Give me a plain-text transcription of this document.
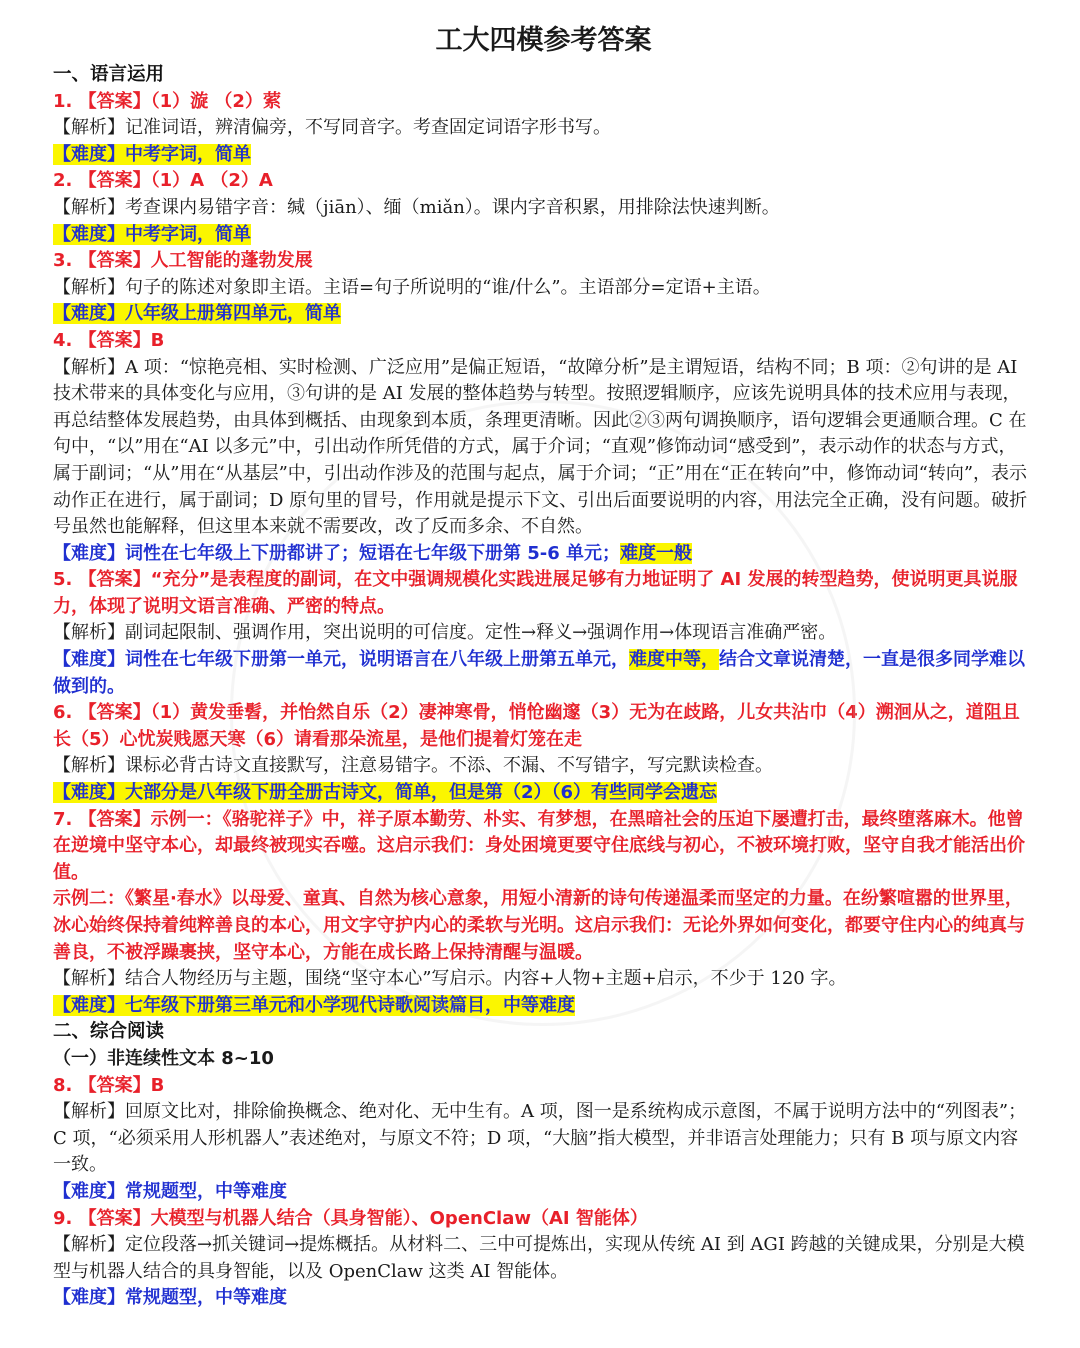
工大四模参考答案
一、语言运用
1. 【答案】（1）漩 （2）萦
【解析】记准词语，辨清偏旁，不写同音字。考查固定词语字形书写。
【难度】中考字词，简单
2. 【答案】（1）A （2）A
【解析】考查课内易错字音：缄（jiān）、缅（miǎn）。课内字音积累，用排除法快速判断。
【难度】中考字词，简单
3. 【答案】人工智能的蓬勃发展
【解析】句子的陈述对象即主语。主语=句子所说明的“谁/什么”。主语部分=定语+主语。
【难度】八年级上册第四单元，简单
4. 【答案】B
【解析】A 项：“惊艳亮相、实时检测、广泛应用”是偏正短语，“故障分析”是主谓短语，结构不同；B 项：②句讲的是 AI 技术带来的具体变化与应用，③句讲的是 AI 发展的整体趋势与转型。按照逻辑顺序，应该先说明具体的技术应用与表现，再总结整体发展趋势，由具体到概括、由现象到本质，条理更清晰。因此②③两句调换顺序，语句逻辑会更通顺合理。C 在句中，“以”用在“AI 以多元”中，引出动作所凭借的方式，属于介词；“直观”修饰动词“感受到”，表示动作的状态与方式，属于副词；“从”用在“从基层”中，引出动作涉及的范围与起点，属于介词；“正”用在“正在转向”中，修饰动词“转向”，表示动作正在进行，属于副词；D 原句里的冒号，作用就是提示下文、引出后面要说明的内容，用法完全正确，没有问题。破折号虽然也能解释，但这里本来就不需要改，改了反而多余、不自然。
【难度】词性在七年级上下册都讲了；短语在七年级下册第 5-6 单元；难度一般
5. 【答案】“充分”是表程度的副词，在文中强调规模化实践进展足够有力地证明了 AI 发展的转型趋势，使说明更具说服力，体现了说明文语言准确、严密的特点。
【解析】副词起限制、强调作用，突出说明的可信度。定性→释义→强调作用→体现语言准确严密。
【难度】词性在七年级下册第一单元，说明语言在八年级上册第五单元，难度中等，结合文章说清楚，一直是很多同学难以做到的。
6. 【答案】（1）黄发垂髫，并怡然自乐（2）凄神寒骨，悄怆幽邃（3）无为在歧路，儿女共沾巾（4）溯洄从之，道阻且长（5）心忧炭贱愿天寒（6）请看那朵流星，是他们提着灯笼在走
【解析】课标必背古诗文直接默写，注意易错字。不添、不漏、不写错字，写完默读检查。
【难度】大部分是八年级下册全册古诗文，简单，但是第（2）（6）有些同学会遗忘
7. 【答案】示例一：《骆驼祥子》中，祥子原本勤劳、朴实、有梦想，在黑暗社会的压迫下屡遭打击，最终堕落麻木。他曾在逆境中坚守本心，却最终被现实吞噬。这启示我们：身处困境更要守住底线与初心，不被环境打败，坚守自我才能活出价值。
示例二：《繁星·春水》以母爱、童真、自然为核心意象，用短小清新的诗句传递温柔而坚定的力量。在纷繁喧嚣的世界里，冰心始终保持着纯粹善良的本心，用文字守护内心的柔软与光明。这启示我们：无论外界如何变化，都要守住内心的纯真与善良，不被浮躁裹挟，坚守本心，方能在成长路上保持清醒与温暖。
【解析】结合人物经历与主题，围绕“坚守本心”写启示。内容+人物+主题+启示，不少于 120 字。
【难度】七年级下册第三单元和小学现代诗歌阅读篇目，中等难度
二、综合阅读
（一）非连续性文本 8~10
8. 【答案】B
【解析】回原文比对，排除偷换概念、绝对化、无中生有。A 项，图一是系统构成示意图，不属于说明方法中的“列图表”；C 项，“必须采用人形机器人”表述绝对，与原文不符；D 项，“大脑”指大模型，并非语言处理能力；只有 B 项与原文内容一致。
【难度】常规题型，中等难度
9. 【答案】大模型与机器人结合（具身智能）、OpenClaw（AI 智能体）
【解析】定位段落→抓关键词→提炼概括。从材料二、三中可提炼出，实现从传统 AI 到 AGI 跨越的关键成果，分别是大模型与机器人结合的具身智能，以及 OpenClaw 这类 AI 智能体。
【难度】常规题型，中等难度
